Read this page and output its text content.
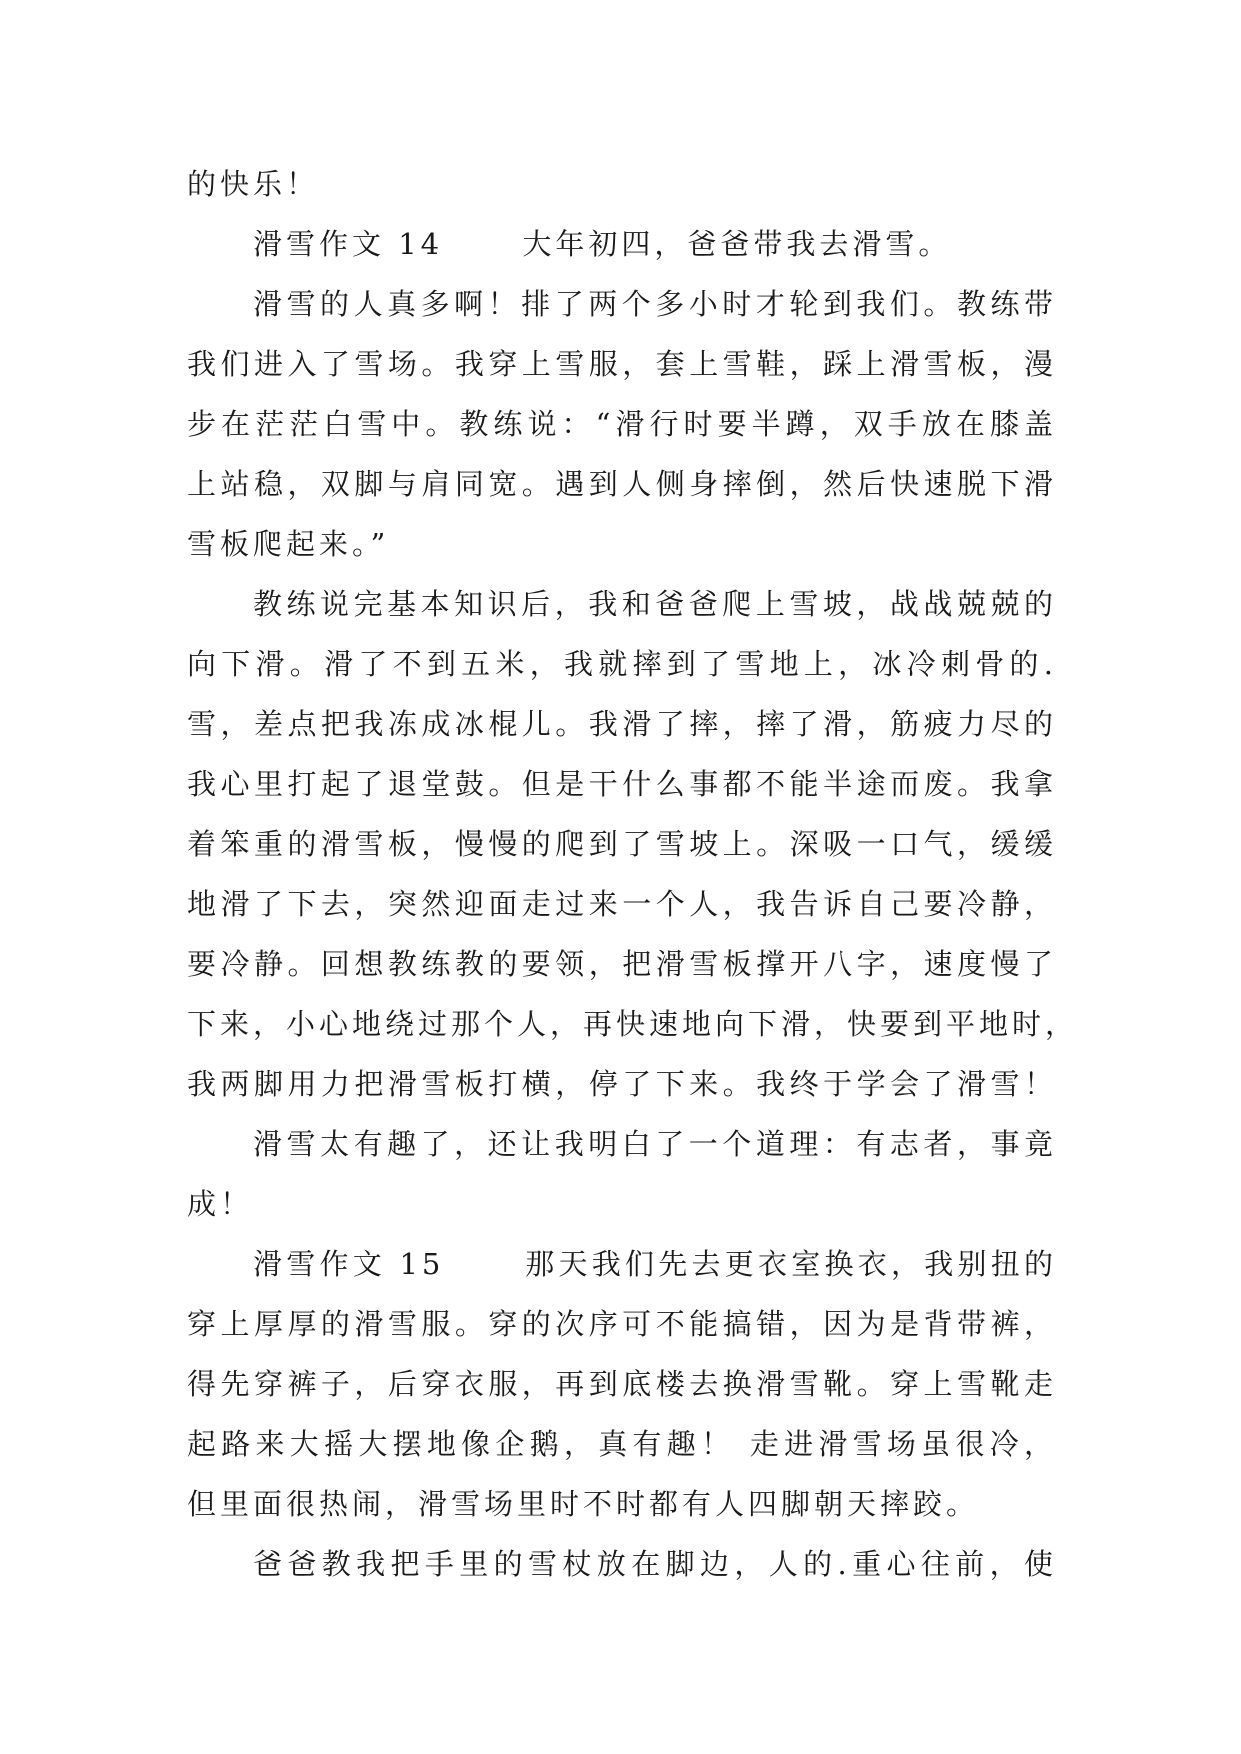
的快乐！
滑雪作文 14      大年初四，爸爸带我去滑雪。
滑雪的人真多啊！排了两个多小时才轮到我们。教练带
我们进入了雪场。我穿上雪服，套上雪鞋，踩上滑雪板，漫
步在茫茫白雪中。教练说：“滑行时要半蹲，双手放在膝盖
上站稳，双脚与肩同宽。遇到人侧身摔倒，然后快速脱下滑
雪板爬起来。”
教练说完基本知识后，我和爸爸爬上雪坡，战战兢兢的
向下滑。滑了不到五米，我就摔到了雪地上，冰冷刺骨的.
雪，差点把我冻成冰棍儿。我滑了摔，摔了滑，筋疲力尽的
我心里打起了退堂鼓。但是干什么事都不能半途而废。我拿
着笨重的滑雪板，慢慢的爬到了雪坡上。深吸一口气，缓缓
地滑了下去，突然迎面走过来一个人，我告诉自己要冷静，
要冷静。回想教练教的要领，把滑雪板撑开八字，速度慢了
下来，小心地绕过那个人，再快速地向下滑，快要到平地时，
我两脚用力把滑雪板打横，停了下来。我终于学会了滑雪！
滑雪太有趣了，还让我明白了一个道理：有志者，事竟
成！
滑雪作文 15      那天我们先去更衣室换衣，我别扭的
穿上厚厚的滑雪服。穿的次序可不能搞错，因为是背带裤，
得先穿裤子，后穿衣服，再到底楼去换滑雪靴。穿上雪靴走
起路来大摇大摆地像企鹅，真有趣！ 走进滑雪场虽很冷，
但里面很热闹，滑雪场里时不时都有人四脚朝天摔跤。
爸爸教我把手里的雪杖放在脚边，人的.重心往前，使
